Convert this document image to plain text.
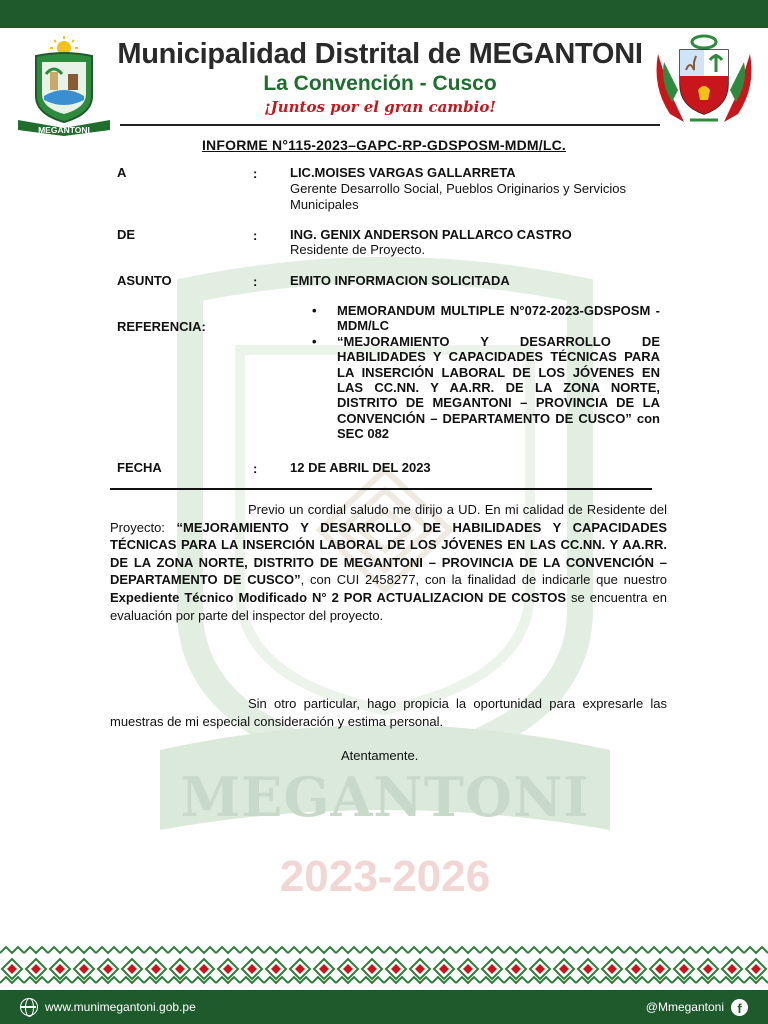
MEGANTONI
Municipalidad Distrital de MEGANTONI
La Convención - Cusco
¡Juntos por el gran cambio!
MEGANTONI
2023-2026
INFORME N°115-2023–GAPC-RP-GDSPOSM-MDM/LC.
A	:	LIC.MOISES VARGAS GALLARRETA
Gerente Desarrollo Social, Pueblos Originarios y Servicios Municipales
DE	:	ING. GENIX ANDERSON PALLARCO CASTRO
Residente de Proyecto.
ASUNTO	:	EMITO INFORMACION SOLICITADA
REFERENCIA:
• MEMORANDUM MULTIPLE N°072-2023-GDSPOSM -MDM/LC
• “MEJORAMIENTO Y DESARROLLO DE HABILIDADES Y CAPACIDADES TÉCNICAS PARA LA INSERCIÓN LABORAL DE LOS JÓVENES EN LAS CC.NN. Y AA.RR. DE LA ZONA NORTE, DISTRITO DE MEGANTONI – PROVINCIA DE LA CONVENCIÓN – DEPARTAMENTO DE CUSCO” con SEC 082
FECHA	:	12 DE ABRIL DEL 2023
Previo un cordial saludo me dirijo a UD. En mi calidad de Residente del Proyecto: “MEJORAMIENTO Y DESARROLLO DE HABILIDADES Y CAPACIDADES TÉCNICAS PARA LA INSERCIÓN LABORAL DE LOS JÓVENES EN LAS CC.NN. Y AA.RR. DE LA ZONA NORTE, DISTRITO DE MEGANTONI – PROVINCIA DE LA CONVENCIÓN – DEPARTAMENTO DE CUSCO”, con CUI 2458277, con la finalidad de indicarle que nuestro Expediente Técnico Modificado N° 2 POR ACTUALIZACION DE COSTOS se encuentra en evaluación por parte del inspector del proyecto.
Sin otro particular, hago propicia la oportunidad para expresarle las muestras de mi especial consideración y estima personal.
Atentamente.
www.munimegantoni.gob.pe	@Mmegantoni	f
